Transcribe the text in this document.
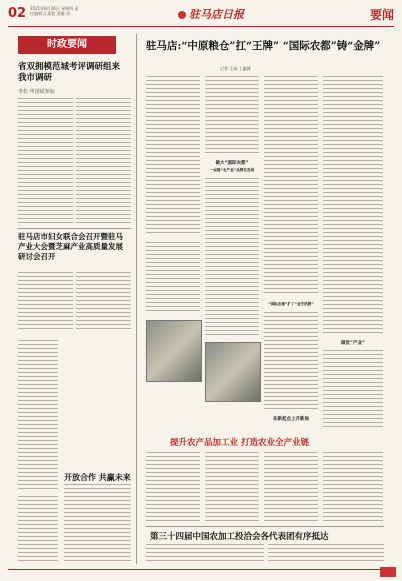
02 2021年8月26日 星期四 责任编辑 汪嘉程 美编 刘	驻马店日报	要闻
时政要闻
省双拥模范城考评调研组来我市调研
李松 申国福参加
驻马店市妇女联合会召开暨驻马产业大会暨芝麻产业高质量发展研讨会召开
开放合作 共赢未来
驻马店:“中原粮仓”扛“王牌” “国际农都”铸“金牌”
记者 王威 丁鑫城
做大“国际农都”
一品链“农产业”品牌化发展
“国际农都”扩了“金字招牌”
做优“产业”
在新起点上开新局
提升农产品加工业 打造农业全产业链
第三十四届中国农加工投洽会各代表团有序抵达
